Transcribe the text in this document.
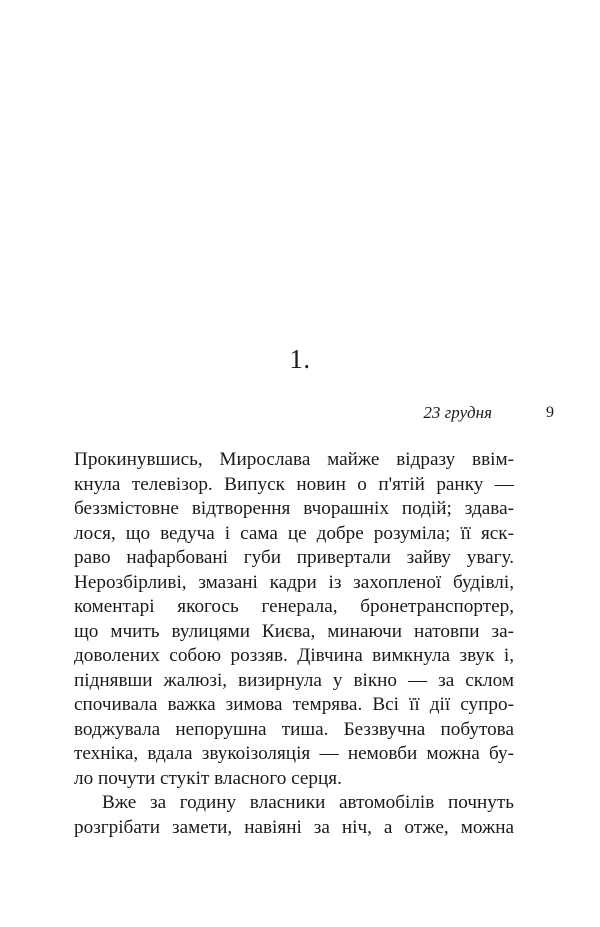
1.
23 грудня	9
Прокинувшись, Мирослава майже відразу ввім-
кнула телевізор. Випуск новин о п'ятій ранку —
беззмістовне відтворення вчорашніх подій; здава-
лося, що ведуча і сама це добре розуміла; її яск-
раво нафарбовані губи привертали зайву увагу.
Нерозбірливі, змазані кадри із захопленої будівлі,
коментарі якогось генерала, бронетранспортер,
що мчить вулицями Києва, минаючи натовпи за-
доволених собою роззяв. Дівчина вимкнула звук і,
піднявши жалюзі, визирнула у вікно — за склом
спочивала важка зимова темрява. Всі її дії супро-
воджувала непорушна тиша. Беззвучна побутова
техніка, вдала звукоізоляція — немовби можна бу-
ло почути стукіт власного серця.
Вже за годину власники автомобілів почнуть
розгрібати замети, навіяні за ніч, а отже, можна
